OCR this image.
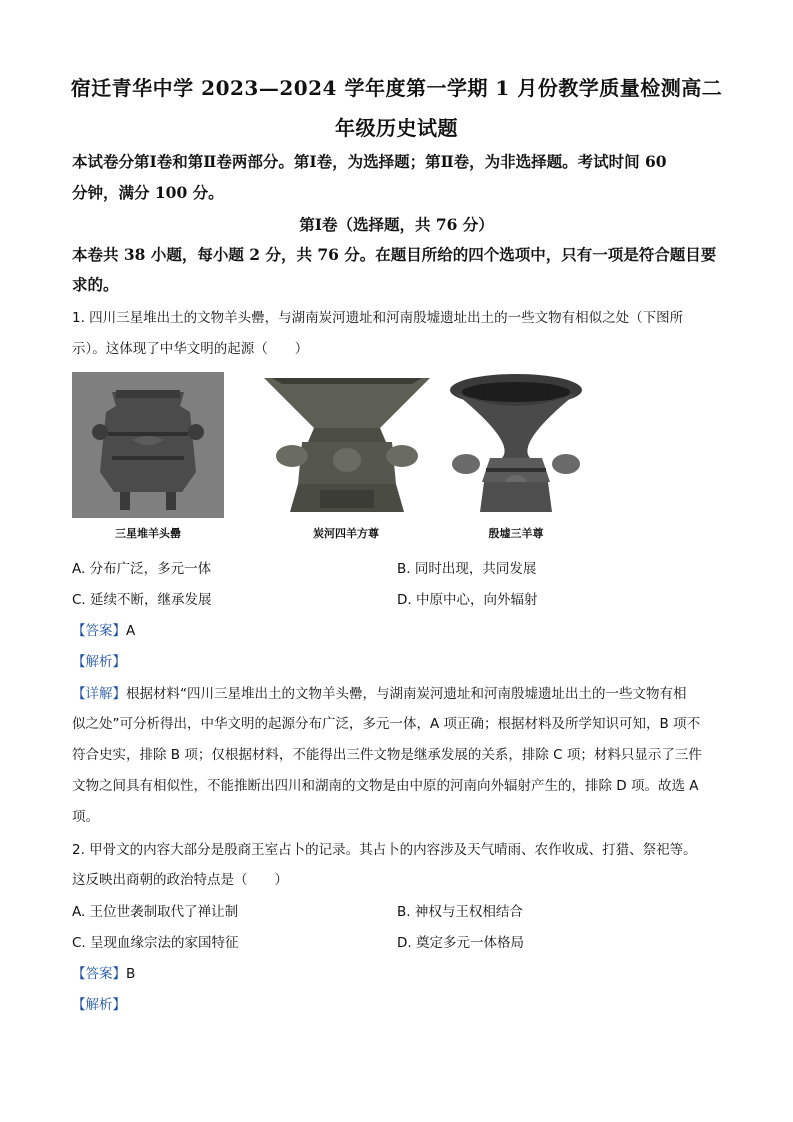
宿迁青华中学 2023—2024 学年度第一学期 1 月份教学质量检测高二
年级历史试题
本试卷分第Ⅰ卷和第Ⅱ卷两部分。第Ⅰ卷，为选择题；第Ⅱ卷，为非选择题。考试时间 60
分钟，满分 100 分。
第Ⅰ卷（选择题，共 76 分）
本卷共 38 小题，每小题 2 分，共 76 分。在题目所给的四个选项中，只有一项是符合题目要
求的。
1. 四川三星堆出土的文物羊头罍，与湖南炭河遗址和河南殷墟遗址出土的一些文物有相似之处（下图所
示）。这体现了中华文明的起源（　　）
三星堆羊头罍	炭河四羊方尊	殷墟三羊尊
A. 分布广泛，多元一体	B. 同时出现，共同发展
C. 延续不断，继承发展	D. 中原中心，向外辐射
【答案】A
【解析】
【详解】根据材料“四川三星堆出土的文物羊头罍，与湖南炭河遗址和河南殷墟遗址出土的一些文物有相
似之处”可分析得出，中华文明的起源分布广泛，多元一体，A 项正确；根据材料及所学知识可知，B 项不
符合史实，排除 B 项；仅根据材料，不能得出三件文物是继承发展的关系，排除 C 项；材料只显示了三件
文物之间具有相似性，不能推断出四川和湖南的文物是由中原的河南向外辐射产生的，排除 D 项。故选 A
项。
2. 甲骨文的内容大部分是殷商王室占卜的记录。其占卜的内容涉及天气晴雨、农作收成、打猎、祭祀等。
这反映出商朝的政治特点是（　　）
A. 王位世袭制取代了禅让制	B. 神权与王权相结合
C. 呈现血缘宗法的家国特征	D. 奠定多元一体格局
【答案】B
【解析】
